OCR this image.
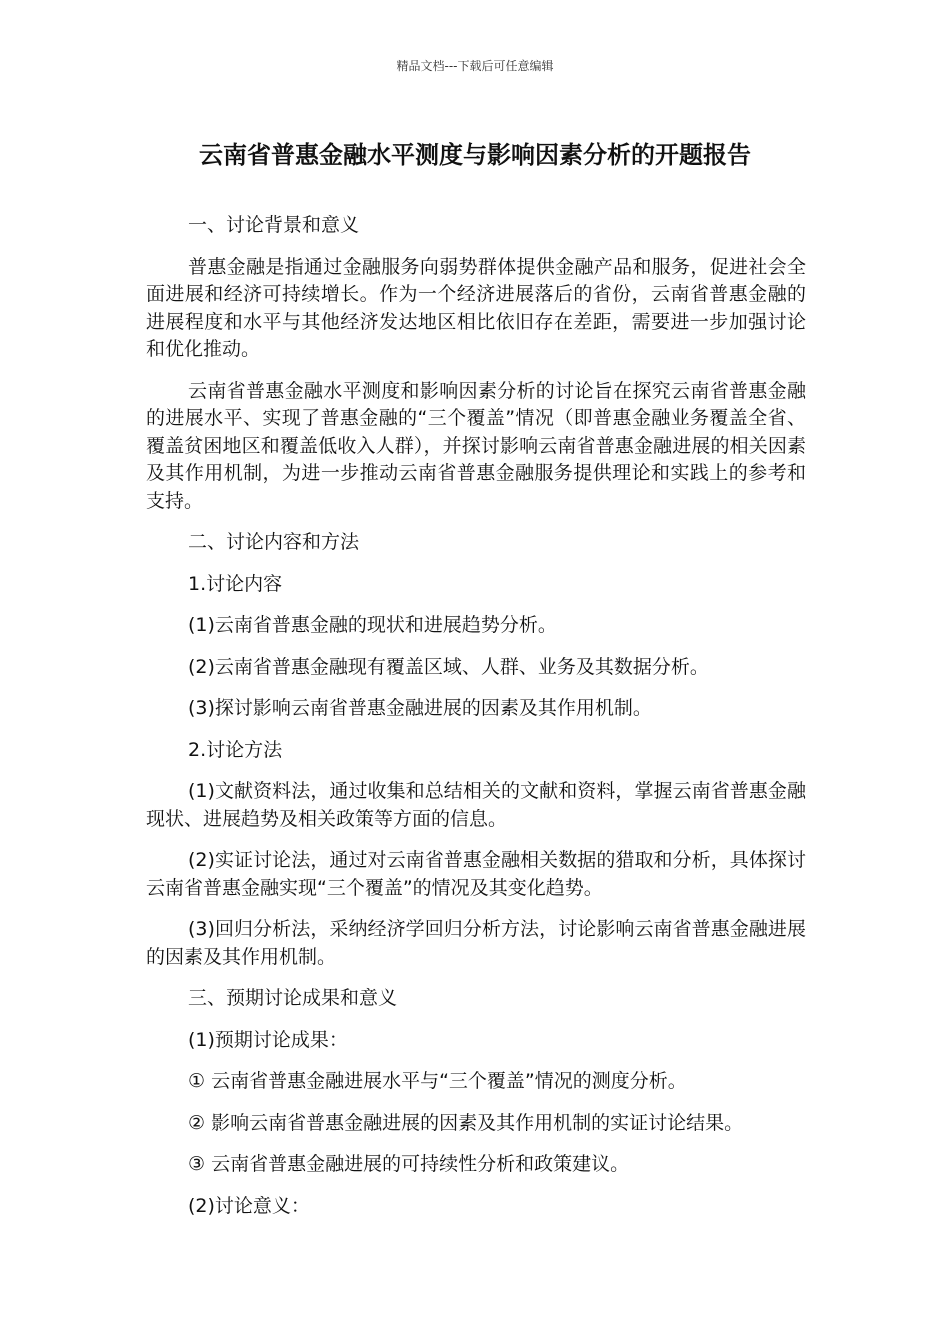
精品文档---下载后可任意编辑
云南省普惠金融水平测度与影响因素分析的开题报告

一、讨论背景和意义

普惠金融是指通过金融服务向弱势群体提供金融产品和服务，促进社会全面进展和经济可持续增长。作为一个经济进展落后的省份，云南省普惠金融的进展程度和水平与其他经济发达地区相比依旧存在差距，需要进一步加强讨论和优化推动。

云南省普惠金融水平测度和影响因素分析的讨论旨在探究云南省普惠金融的进展水平、实现了普惠金融的“三个覆盖”情况（即普惠金融业务覆盖全省、覆盖贫困地区和覆盖低收入人群），并探讨影响云南省普惠金融进展的相关因素及其作用机制，为进一步推动云南省普惠金融服务提供理论和实践上的参考和支持。

二、讨论内容和方法

1.讨论内容

(1)云南省普惠金融的现状和进展趋势分析。

(2)云南省普惠金融现有覆盖区域、人群、业务及其数据分析。

(3)探讨影响云南省普惠金融进展的因素及其作用机制。

2.讨论方法

(1)文献资料法，通过收集和总结相关的文献和资料，掌握云南省普惠金融现状、进展趋势及相关政策等方面的信息。

(2)实证讨论法，通过对云南省普惠金融相关数据的猎取和分析，具体探讨云南省普惠金融实现“三个覆盖”的情况及其变化趋势。

(3)回归分析法，采纳经济学回归分析方法，讨论影响云南省普惠金融进展的因素及其作用机制。

三、预期讨论成果和意义

(1)预期讨论成果：

① 云南省普惠金融进展水平与“三个覆盖”情况的测度分析。

② 影响云南省普惠金融进展的因素及其作用机制的实证讨论结果。

③ 云南省普惠金融进展的可持续性分析和政策建议。

(2)讨论意义：
